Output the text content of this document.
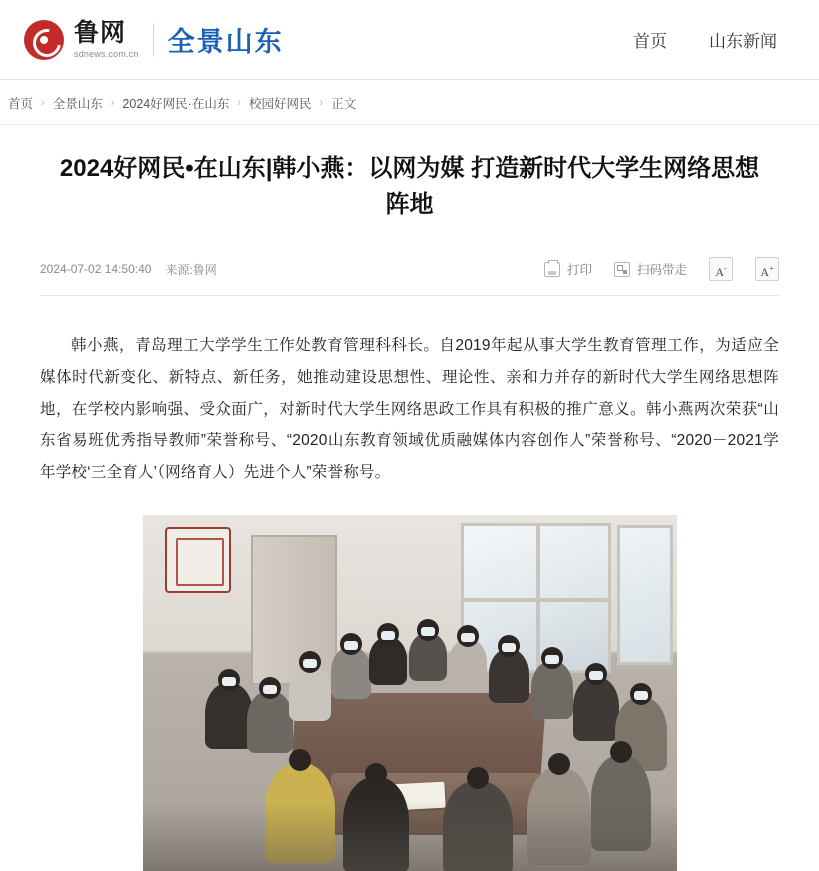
鲁网
sdnews.com.cn 全景山东	首页 山东新闻
首页 › 全景山东 › 2024好网民·在山东 › 校园好网民 › 正文
2024好网民•在山东|韩小燕：以网为媒 打造新时代大学生网络思想阵地
2024-07-02 14:50:40 来源:鲁网	打印	扫码带走	A-	A+

韩小燕，青岛理工大学学生工作处教育管理科科长。自2019年起从事大学生教育管理工作，为适应全媒体时代新变化、新特点、新任务，她推动建设思想性、理论性、亲和力并存的新时代大学生网络思想阵地，在学校内影响强、受众面广，对新时代大学生网络思政工作具有积极的推广意义。韩小燕两次荣获“山东省易班优秀指导教师”荣誉称号、“2020山东教育领域优质融媒体内容创作人”荣誉称号、“2020－2021学年学校‘三全育人’（网络育人）先进个人”荣誉称号。
